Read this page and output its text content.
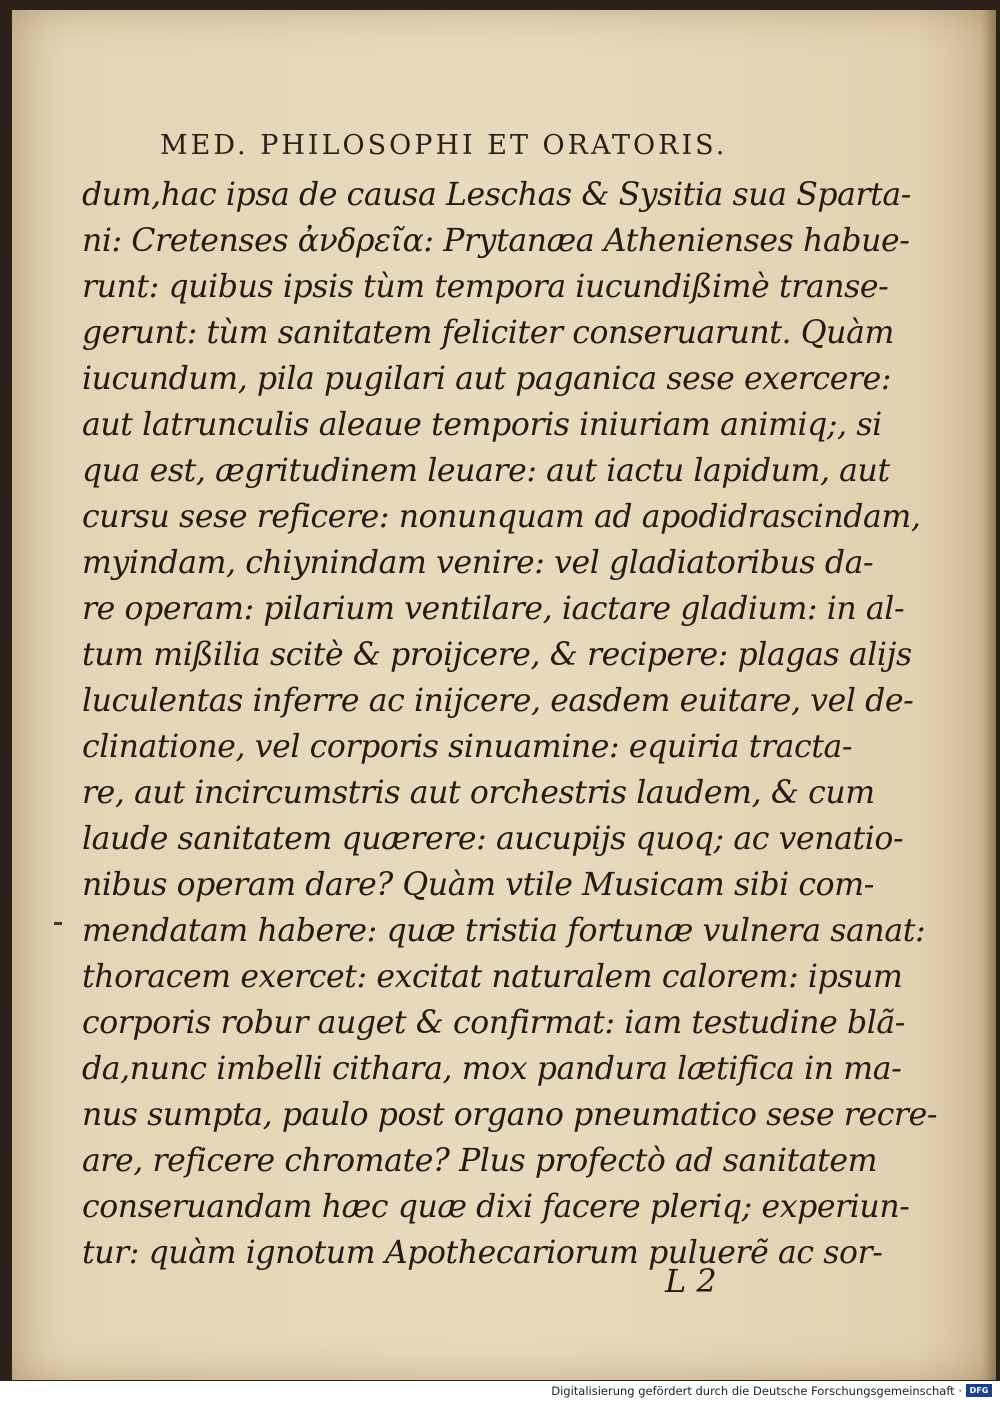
MED. PHILOSOPHI ET ORATORIS.
dum,hac ipsa de causa Leschas & Sysitia sua Sparta-
ni: Cretenses ἀνδρεῖα: Prytanæa Athenienses habue-
runt: quibus ipsis tùm tempora iucundißimè transe-
gerunt: tùm sanitatem feliciter conseruarunt. Quàm
iucundum, pila pugilari aut paganica sese exercere:
aut latrunculis aleaue temporis iniuriam animiq;, si
qua est, ægritudinem leuare: aut iactu lapidum, aut
cursu sese reficere: nonunquam ad apodidrascindam,
myindam, chiynindam venire: vel gladiatoribus da-
re operam: pilarium ventilare, iactare gladium: in al-
tum mißilia scitè & proijcere, & recipere: plagas alijs
luculentas inferre ac inijcere, easdem euitare, vel de-
clinatione, vel corporis sinuamine: equiria tracta-
re, aut incircumstris aut orchestris laudem, & cum
laude sanitatem quærere: aucupijs quoq; ac venatio-
nibus operam dare? Quàm vtile Musicam sibi com-
mendatam habere: quæ tristia fortunæ vulnera sanat:
thoracem exercet: excitat naturalem calorem: ipsum
corporis robur auget & confirmat: iam testudine blã-
da,nunc imbelli cithara, mox pandura lætifica in ma-
nus sumpta, paulo post organo pneumatico sese recre-
are, reficere chromate? Plus profectò ad sanitatem
conseruandam hæc quæ dixi facere pleriq; experiun-
tur: quàm ignotum Apothecariorum puluerẽ ac sor-
L 2
Digitalisierung gefördert durch die Deutsche Forschungsgemeinschaft · DFG
